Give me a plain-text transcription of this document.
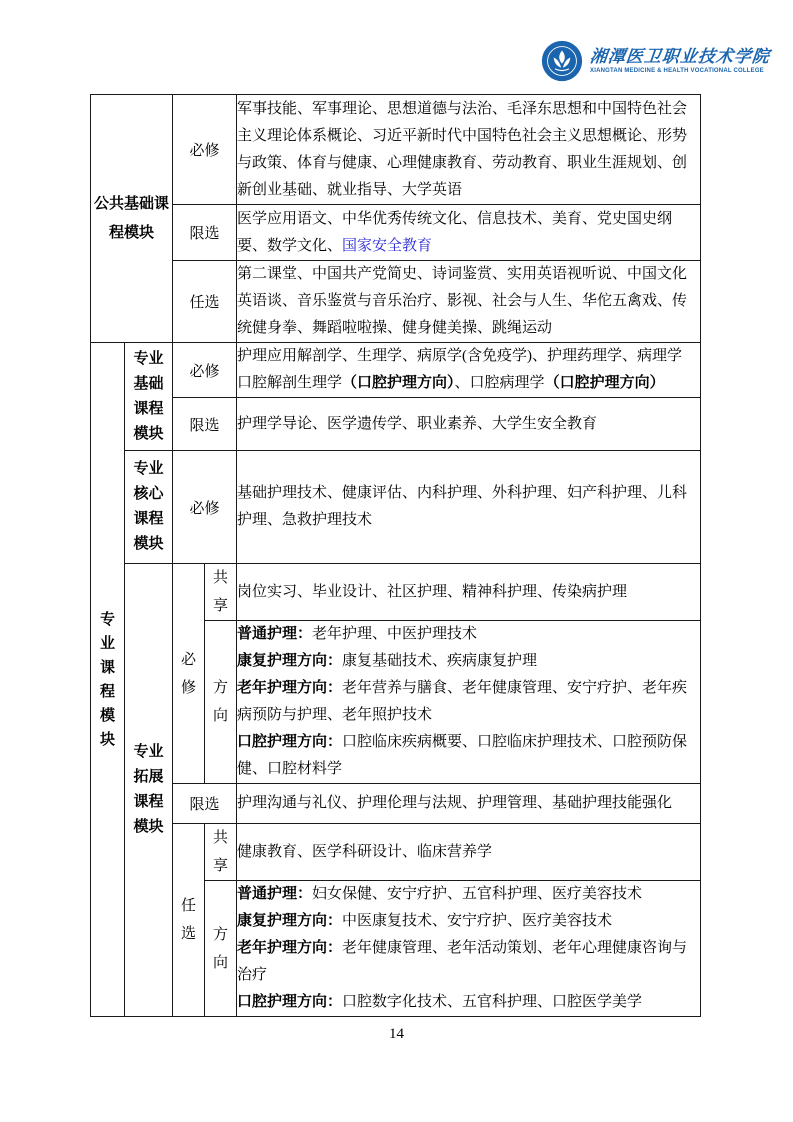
湘潭医卫职业技术学院
XIANGTAN MEDICINE & HEALTH VOCATIONAL COLLEGE
公共基础课程模块		必修		军事技能、军事理论、思想道德与法治、毛泽东思想和中国特色社会主义理论体系概论、习近平新时代中国特色社会主义思想概论、形势与政策、体育与健康、心理健康教育、劳动教育、职业生涯规划、创新创业基础、就业指导、大学英语
		限选		医学应用语文、中华优秀传统文化、信息技术、美育、党史国史纲要、数学文化、国家安全教育
		任选		第二课堂、中国共产党简史、诗词鉴赏、实用英语视听说、中国文化英语谈、音乐鉴赏与音乐治疗、影视、社会与人生、华佗五禽戏、传统健身拳、舞蹈啦啦操、健身健美操、跳绳运动

专业课程模块	专业基础课程模块	必修		护理应用解剖学、生理学、病原学(含免疫学)、护理药理学、病理学
口腔解剖生理学（口腔护理方向）、口腔病理学（口腔护理方向）

		限选		护理学导论、医学遗传学、职业素养、大学生安全教育

	专业核心课程模块	必修		基础护理技术、健康评估、内科护理、外科护理、妇产科护理、儿科护理、急救护理技术

	专业拓展课程模块	必修	共享	岗位实习、毕业设计、社区护理、精神科护理、传染病护理

			方向	普通护理：老年护理、中医护理技术
康复护理方向：康复基础技术、疾病康复护理
老年护理方向：老年营养与膳食、老年健康管理、安宁疗护、老年疾病预防与护理、老年照护技术
口腔护理方向：口腔临床疾病概要、口腔临床护理技术、口腔预防保健、口腔材料学

		限选		护理沟通与礼仪、护理伦理与法规、护理管理、基础护理技能强化

		任选	共享	健康教育、医学科研设计、临床营养学

			方向	普通护理：妇女保健、安宁疗护、五官科护理、医疗美容技术
康复护理方向：中医康复技术、安宁疗护、医疗美容技术
老年护理方向：老年健康管理、老年活动策划、老年心理健康咨询与治疗
口腔护理方向：口腔数字化技术、五官科护理、口腔医学美学
14
